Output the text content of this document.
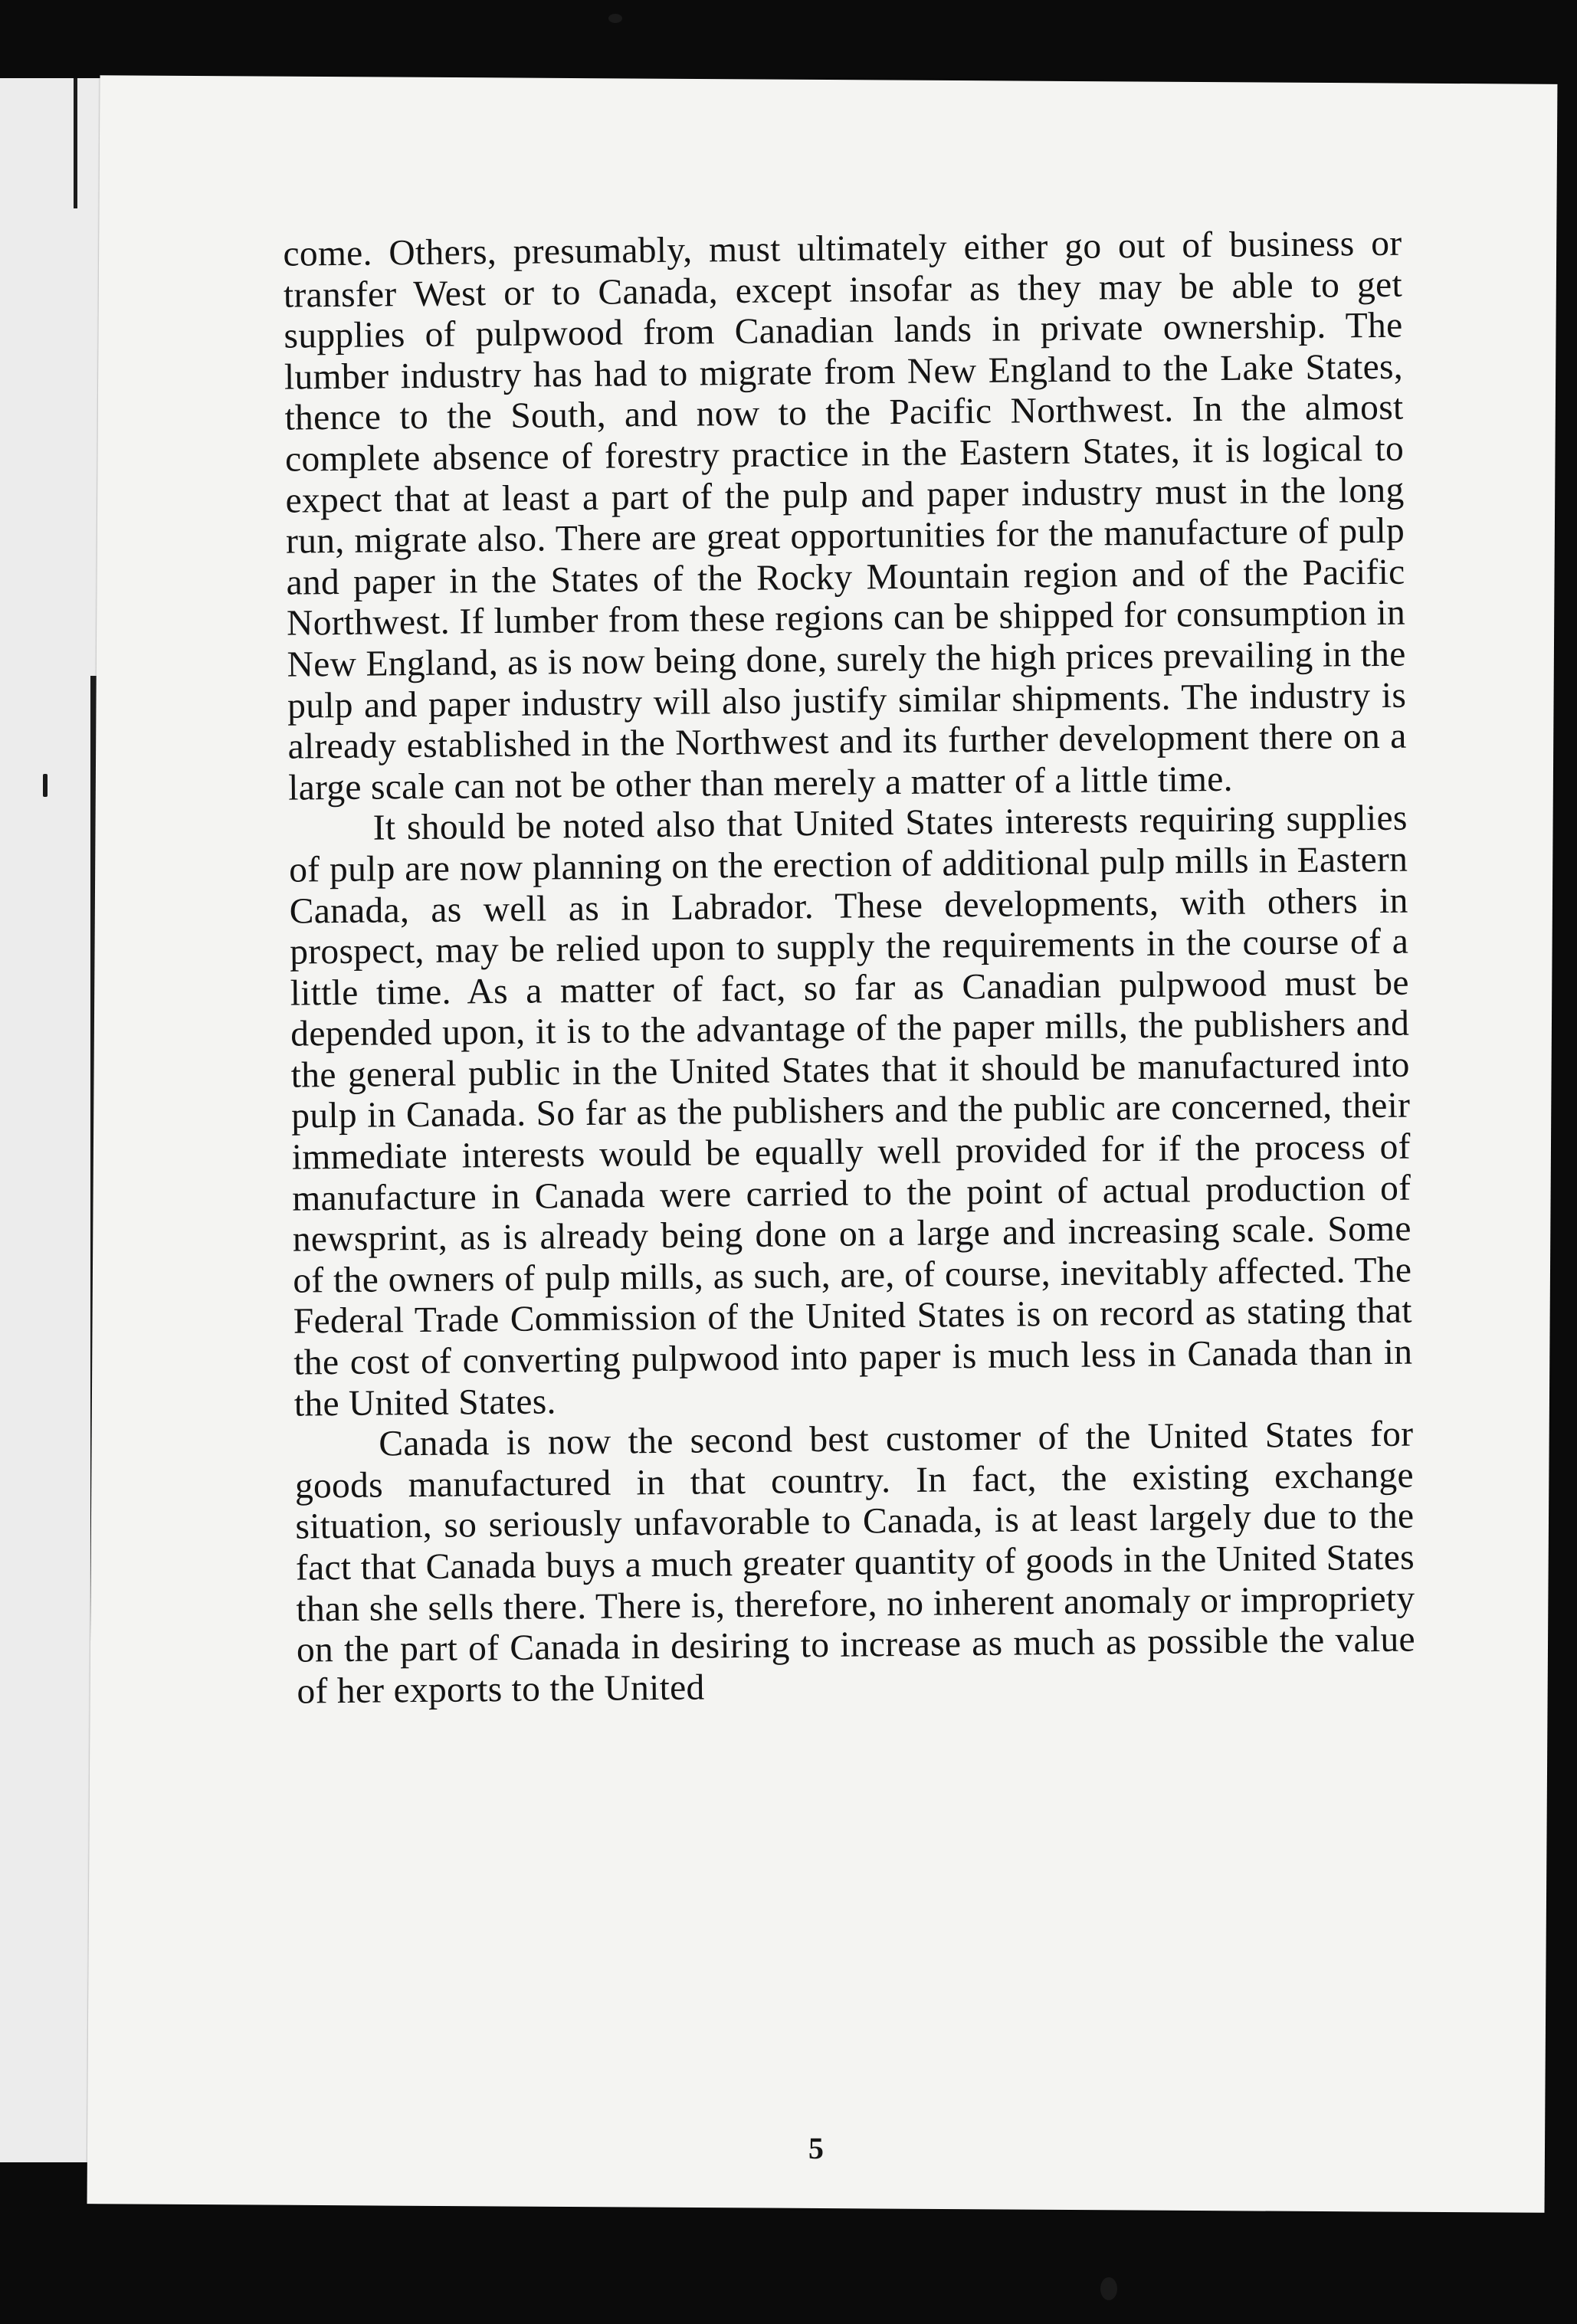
come. Others, presumably, must ultimately either go out of business or transfer West or to Canada, except insofar as they may be able to get supplies of pulpwood from Canadian lands in private ownership. The lumber industry has had to migrate from New England to the Lake States, thence to the South, and now to the Pacific Northwest. In the almost complete absence of forestry practice in the Eastern States, it is logical to expect that at least a part of the pulp and paper industry must in the long run, migrate also. There are great opportunities for the manufacture of pulp and paper in the States of the Rocky Mountain region and of the Pacific Northwest. If lumber from these regions can be shipped for consumption in New England, as is now being done, surely the high prices prevailing in the pulp and paper industry will also justify similar shipments. The industry is already established in the Northwest and its further development there on a large scale can not be other than merely a matter of a little time.

It should be noted also that United States interests requiring supplies of pulp are now planning on the erection of additional pulp mills in Eastern Canada, as well as in Labrador. These developments, with others in prospect, may be relied upon to supply the requirements in the course of a little time. As a matter of fact, so far as Canadian pulpwood must be depended upon, it is to the advantage of the paper mills, the publishers and the general public in the United States that it should be manufactured into pulp in Canada. So far as the publishers and the public are concerned, their immediate interests would be equally well provided for if the process of manufacture in Canada were carried to the point of actual production of newsprint, as is already being done on a large and increasing scale. Some of the owners of pulp mills, as such, are, of course, inevitably affected. The Federal Trade Commission of the United States is on record as stating that the cost of converting pulpwood into paper is much less in Canada than in the United States.

Canada is now the second best customer of the United States for goods manufactured in that country. In fact, the existing exchange situation, so seriously unfavorable to Canada, is at least largely due to the fact that Canada buys a much greater quantity of goods in the United States than she sells there. There is, therefore, no inherent anomaly or impropriety on the part of Canada in desiring to increase as much as possible the value of her exports to the United

5
